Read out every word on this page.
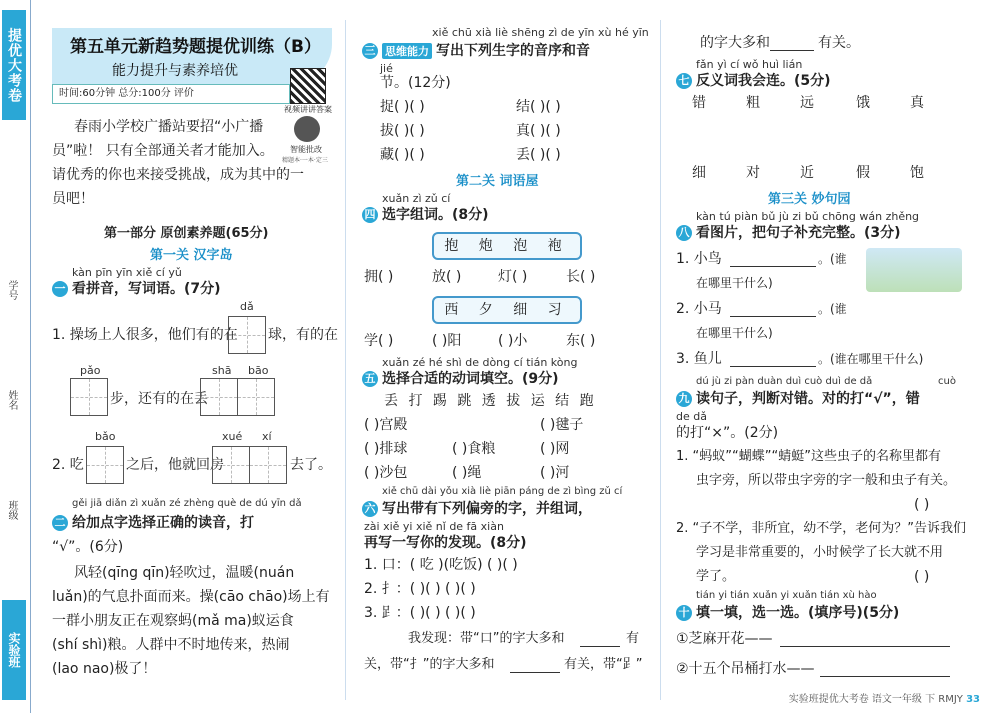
提优大考卷
学号
姓名
班级
实验班
第五单元新趋势题提优训练（B）
能力提升与素养培优
时间:60分钟 总分:100分 评价
视频讲讲答案
智能批改
精题本·一本·定三
春雨小学校广播站要招“小广播
员”啦！ 只有全部通关者才能加入。
请优秀的你也来接受挑战，成为其中的一
员吧！
第一部分 原创素养题(65分)
第一关 汉字岛
kàn pīn yīn xiě cí yǔ
一 看拼音，写词语。(7分)
dǎ
1. 操场上人很多，他们有的在 球，有的在
pǎo
步，还有的在丢
shā bāo
bǎo	xué xí
2. 吃	之后，他就回房	去了。
gěi jiā diǎn zì xuǎn zé zhèng què de dú yīn dǎ
二 给加点字选择正确的读音，打
“√”。(6分)
风轻(qīng qīn)轻吹过，温暖(nuán
luǎn)的气息扑面而来。操(cāo chāo)场上有
一群小朋友正在观察蚂(mǎ ma)蚁运食
(shí shì)粮。人群中不时地传来，热闹
(lao nao)极了！
xiě chū xià liè shēng zì de yīn xù hé yīn
三 思维能力 写出下列生字的音序和音
jié
节。(12分)
捉( )( )	结( )( )
拔( )( )	真( )( )
藏( )( )	丢( )( )
第二关 词语屋
xuǎn zì zǔ cí
四 选字组词。(8分)
抱 炮 泡 袍
拥( )	放( )	灯( )	长( )
西 夕 细 习
学( )	( )阳	( )小	东( )
xuǎn zé hé shì de dòng cí tián kòng
五 选择合适的动词填空。(9分)
丢 打 踢 跳 透 拔 运 结 跑
( )宫殿	( )毽子
( )排球	( )食粮	( )网
( )沙包	( )绳	( )河
xiě chū dài yǒu xià liè piān páng de zì bìng zǔ cí
六 写出带有下列偏旁的字，并组词，
zài xiě yi xiě nǐ de fā xiàn
再写一写你的发现。(8分)
1. 口：( 吃 )(吃饭) ( )( )
2. 扌：( )( ) ( )( )
3. 𧾷：( )( ) ( )( )
我发现：带“口”的字大多和	有
关，带“扌”的字大多和	有关，带“𧾷”
的字大多和	有关。
fǎn yì cí wǒ huì lián
七 反义词我会连。(5分)
错	粗	远	饿	真
细	对	近	假	饱
第三关 妙句园
kàn tú piàn bǔ jù zi bǔ chōng wán zhěng
八 看图片，把句子补充完整。(3分)
1. 小鸟	。(谁
在哪里干什么)
2. 小马	。(谁
在哪里干什么)
3. 鱼儿	。(谁在哪里干什么)
dú jù zi pàn duàn duì cuò duì de dǎ	cuò
九 读句子，判断对错。对的打“√”，错
de dǎ
的打“×”。(2分)
1. “蚂蚁”“蝴蝶”“蜻蜓”这些虫子的名称里都有
虫字旁，所以带虫字旁的字一般和虫子有关。
( )
2. “子不学，非所宜，幼不学，老何为？”告诉我们
学习是非常重要的，小时候学了长大就不用
学了。	( )
tián yi tián xuǎn yi xuǎn tián xù hào
十 填一填，选一选。(填序号)(5分)
①芝麻开花——
②十五个吊桶打水——
实验班提优大考卷 语文一年级 下 RMJY 33
